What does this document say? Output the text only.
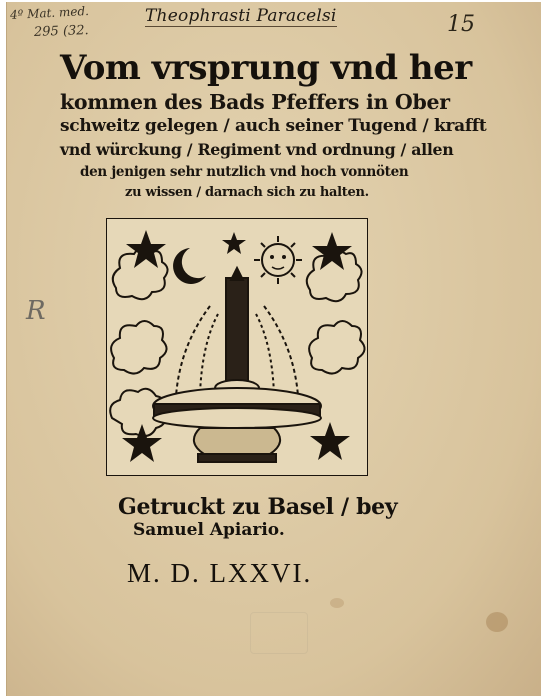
4º Mat. med.
295 (32.	15
R
Theophrasti Paracelsi
Vom vrsprung vnd her
kommen des Bads Pfeffers in Ober
schweitz gelegen / auch seiner Tugend / krafft
vnd würckung / Regiment vnd ordnung / allen
den jenigen sehr nutzlich vnd hoch vonnöten
zu wissen / darnach sich zu halten.
Getruckt zu Basel / bey
Samuel Apiario.
M. D. LXXVI.
